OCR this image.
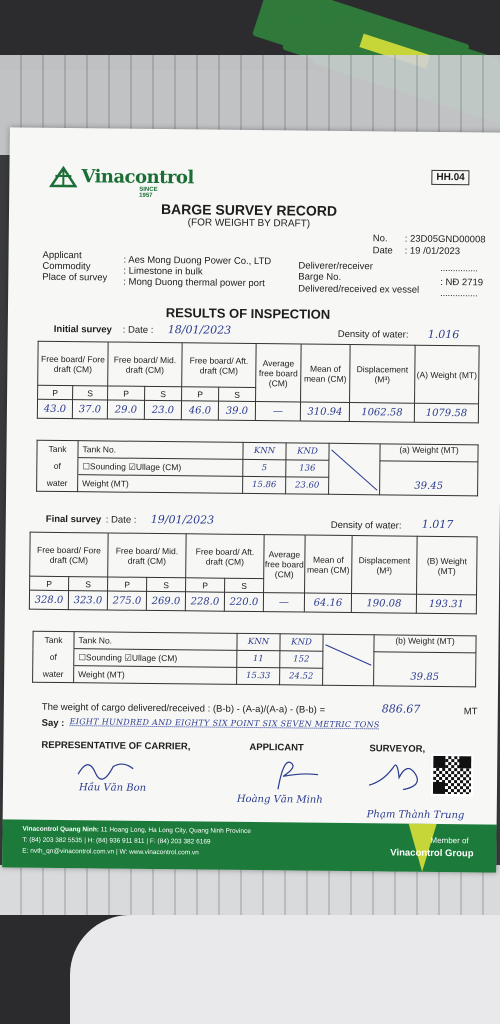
Vinacontrol
SINCE 1957
HH.04
BARGE SURVEY RECORD
(FOR WEIGHT BY DRAFT)
No. : 23D05GND00008
Date : 19 /01/2023
Applicant	: Aes Mong Duong Power Co., LTD
Commodity	: Limestone in bulk
Place of survey : Mong Duong thermal power port
Deliverer/receiver	...............
Barge No.	: NĐ 2719
Delivered/received ex vessel ...............
RESULTS OF INSPECTION
Initial survey : Date : 18/01/2023	Density of water: 1.016
Free board/ Fore draft (CM)		Free board/ Mid. draft (CM)		Free board/ Aft. draft (CM)		Average free board (CM)	Mean of mean (CM)	Displacement (M³)	(A) Weight (MT)
P	S	P	S	P	S				
43.0	37.0	29.0	23.0	46.0	39.0	—	310.94	1062.58	1079.58
Tank	Tank No.	KNN	KND		(a) Weight (MT)
of	☐Sounding ☑Ullage (CM)	5	136		
water	Weight (MT)	15.86	23.60		39.45
Final survey : Date : 19/01/2023	Density of water: 1.017
Free board/ Fore draft (CM)		Free board/ Mid. draft (CM)		Free board/ Aft. draft (CM)		Average free board (CM)	Mean of mean (CM)	Displacement (M³)	(B) Weight (MT)
P	S	P	S	P	S				
328.0	323.0	275.0	269.0	228.0	220.0	—	64.16	190.08	193.31
Tank	Tank No.	KNN	KND		(b) Weight (MT)
of	☐Sounding ☑Ullage (CM)	11	152		
water	Weight (MT)	15.33	24.52		39.85
The weight of cargo delivered/received : (B-b) - (A-a)/(A-a) - (B-b) =	886.67	MT
Say : EIGHT HUNDRED AND EIGHTY SIX POINT SIX SEVEN METRIC TONS
REPRESENTATIVE OF CARRIER,	APPLICANT	SURVEYOR,
Hầu Văn Bon
Hoàng Văn Minh
Phạm Thành Trung
Vinacontrol Quang Ninh: 11 Hoang Long, Ha Long City, Quang Ninh Province
T: (84) 203 382 5535 | H: (84) 936 911 811 | F: (84) 203 382 6169
E: nvth_qn@vinacontrol.com.vn | W: www.vinacontrol.com.vn
Member of
Vinacontrol Group
